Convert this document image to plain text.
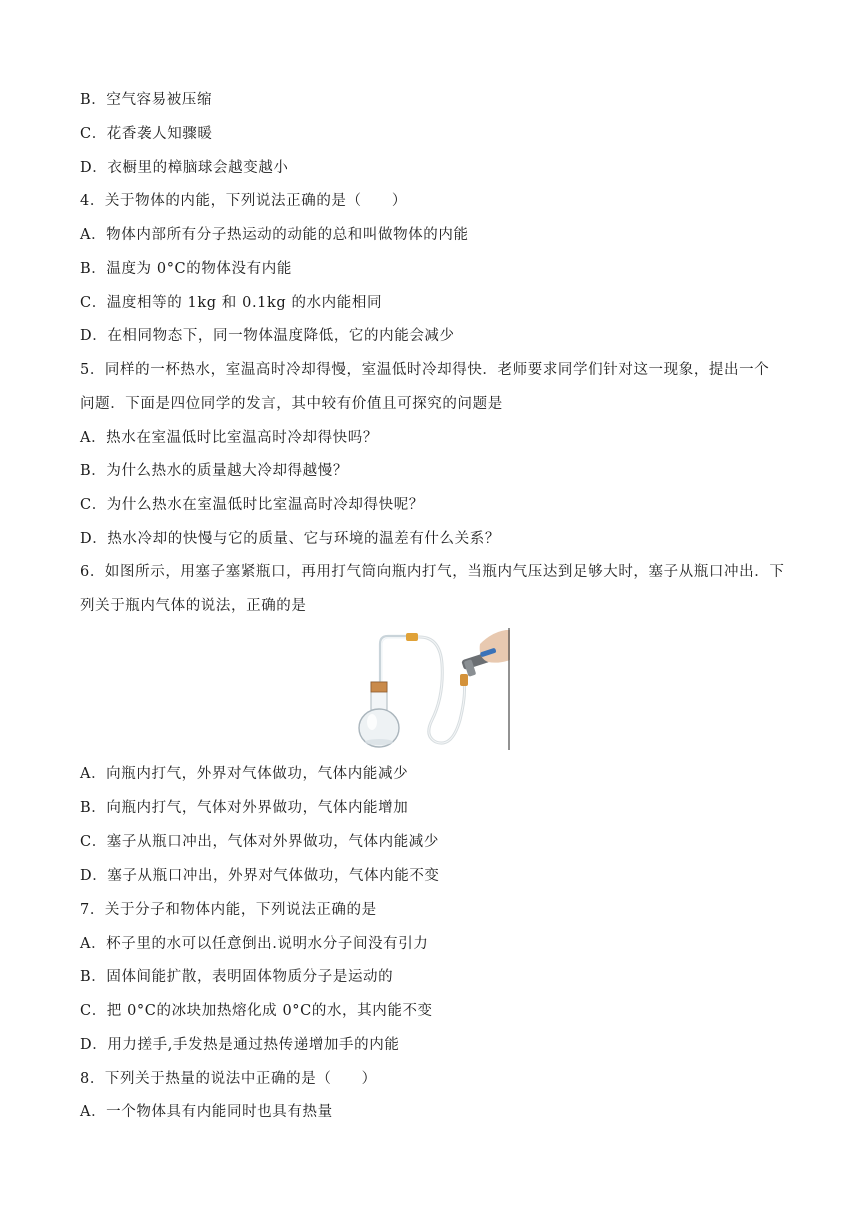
B．空气容易被压缩
C．花香袭人知骤暖
D．衣橱里的樟脑球会越变越小
4．关于物体的内能，下列说法正确的是（　　）
A．物体内部所有分子热运动的动能的总和叫做物体的内能
B．温度为 0°C的物体没有内能
C．温度相等的 1kg 和 0.1kg 的水内能相同
D．在相同物态下，同一物体温度降低，它的内能会减少
5．同样的一杯热水，室温高时冷却得慢，室温低时冷却得快．老师要求同学们针对这一现象，提出一个
问题．下面是四位同学的发言，其中较有价值且可探究的问题是
A．热水在室温低时比室温高时冷却得快吗？
B．为什么热水的质量越大冷却得越慢？
C．为什么热水在室温低时比室温高时冷却得快呢？
D．热水冷却的快慢与它的质量、它与环境的温差有什么关系？
6．如图所示，用塞子塞紧瓶口，再用打气筒向瓶内打气，当瓶内气压达到足够大时，塞子从瓶口冲出．下
列关于瓶内气体的说法，正确的是
A．向瓶内打气，外界对气体做功，气体内能减少
B．向瓶内打气，气体对外界做功，气体内能增加
C．塞子从瓶口冲出，气体对外界做功，气体内能减少
D．塞子从瓶口冲出，外界对气体做功，气体内能不变
7．关于分子和物体内能，下列说法正确的是
A．杯子里的水可以任意倒出.说明水分子间没有引力
B．固体间能扩散，表明固体物质分子是运动的
C．把 0°C的冰块加热熔化成 0°C的水，其内能不变
D．用力搓手,手发热是通过热传递增加手的内能
8．下列关于热量的说法中正确的是（　　）
A．一个物体具有内能同时也具有热量
